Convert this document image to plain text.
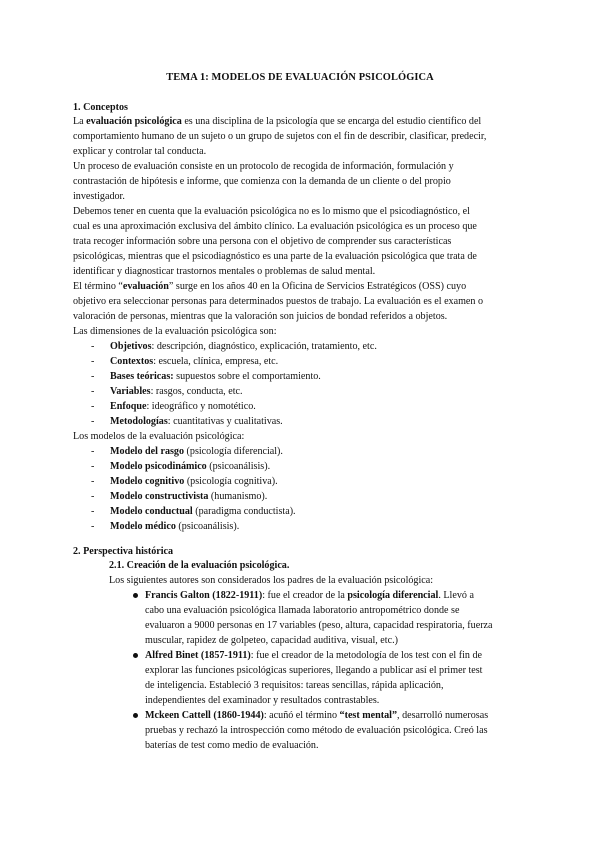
TEMA 1: MODELOS DE EVALUACIÓN PSICOLÓGICA
1. Conceptos
La evaluación psicológica es una disciplina de la psicología que se encarga del estudio científico del
comportamiento humano de un sujeto o un grupo de sujetos con el fin de describir, clasificar, predecir,
explicar y controlar tal conducta.
Un proceso de evaluación consiste en un protocolo de recogida de información, formulación y
contrastación de hipótesis e informe, que comienza con la demanda de un cliente o del propio
investigador.
Debemos tener en cuenta que la evaluación psicológica no es lo mismo que el psicodiagnóstico, el
cual es una aproximación exclusiva del ámbito clínico. La evaluación psicológica es un proceso que
trata recoger información sobre una persona con el objetivo de comprender sus características
psicológicas, mientras que el psicodiagnóstico es una parte de la evaluación psicológica que trata de
identificar y diagnosticar trastornos mentales o problemas de salud mental.
El término “evaluación” surge en los años 40 en la Oficina de Servicios Estratégicos (OSS) cuyo
objetivo era seleccionar personas para determinados puestos de trabajo. La evaluación es el examen o
valoración de personas, mientras que la valoración son juicios de bondad referidos a objetos.
Las dimensiones de la evaluación psicológica son:
- Objetivos: descripción, diagnóstico, explicación, tratamiento, etc.
- Contextos: escuela, clínica, empresa, etc.
- Bases teóricas: supuestos sobre el comportamiento.
- Variables: rasgos, conducta, etc.
- Enfoque: ideográfico y nomotético.
- Metodologías: cuantitativas y cualitativas.
Los modelos de la evaluación psicológica:
- Modelo del rasgo (psicología diferencial).
- Modelo psicodinámico (psicoanálisis).
- Modelo cognitivo (psicología cognitiva).
- Modelo constructivista (humanismo).
- Modelo conductual (paradigma conductista).
- Modelo médico (psicoanálisis).
2. Perspectiva histórica
2.1. Creación de la evaluación psicológica.
Los siguientes autores son considerados los padres de la evaluación psicológica:
Francis Galton (1822-1911): fue el creador de la psicología diferencial. Llevó a
cabo una evaluación psicológica llamada laboratorio antropométrico donde se
evaluaron a 9000 personas en 17 variables (peso, altura, capacidad respiratoria, fuerza
muscular, rapidez de golpeteo, capacidad auditiva, visual, etc.)
Alfred Binet (1857-1911): fue el creador de la metodología de los test con el fin de
explorar las funciones psicológicas superiores, llegando a publicar así el primer test
de inteligencia. Estableció 3 requisitos: tareas sencillas, rápida aplicación,
independientes del examinador y resultados contrastables.
Mckeen Cattell (1860-1944): acuñó el término “test mental”, desarrolló numerosas
pruebas y rechazó la introspección como método de evaluación psicológica. Creó las
baterías de test como medio de evaluación.
